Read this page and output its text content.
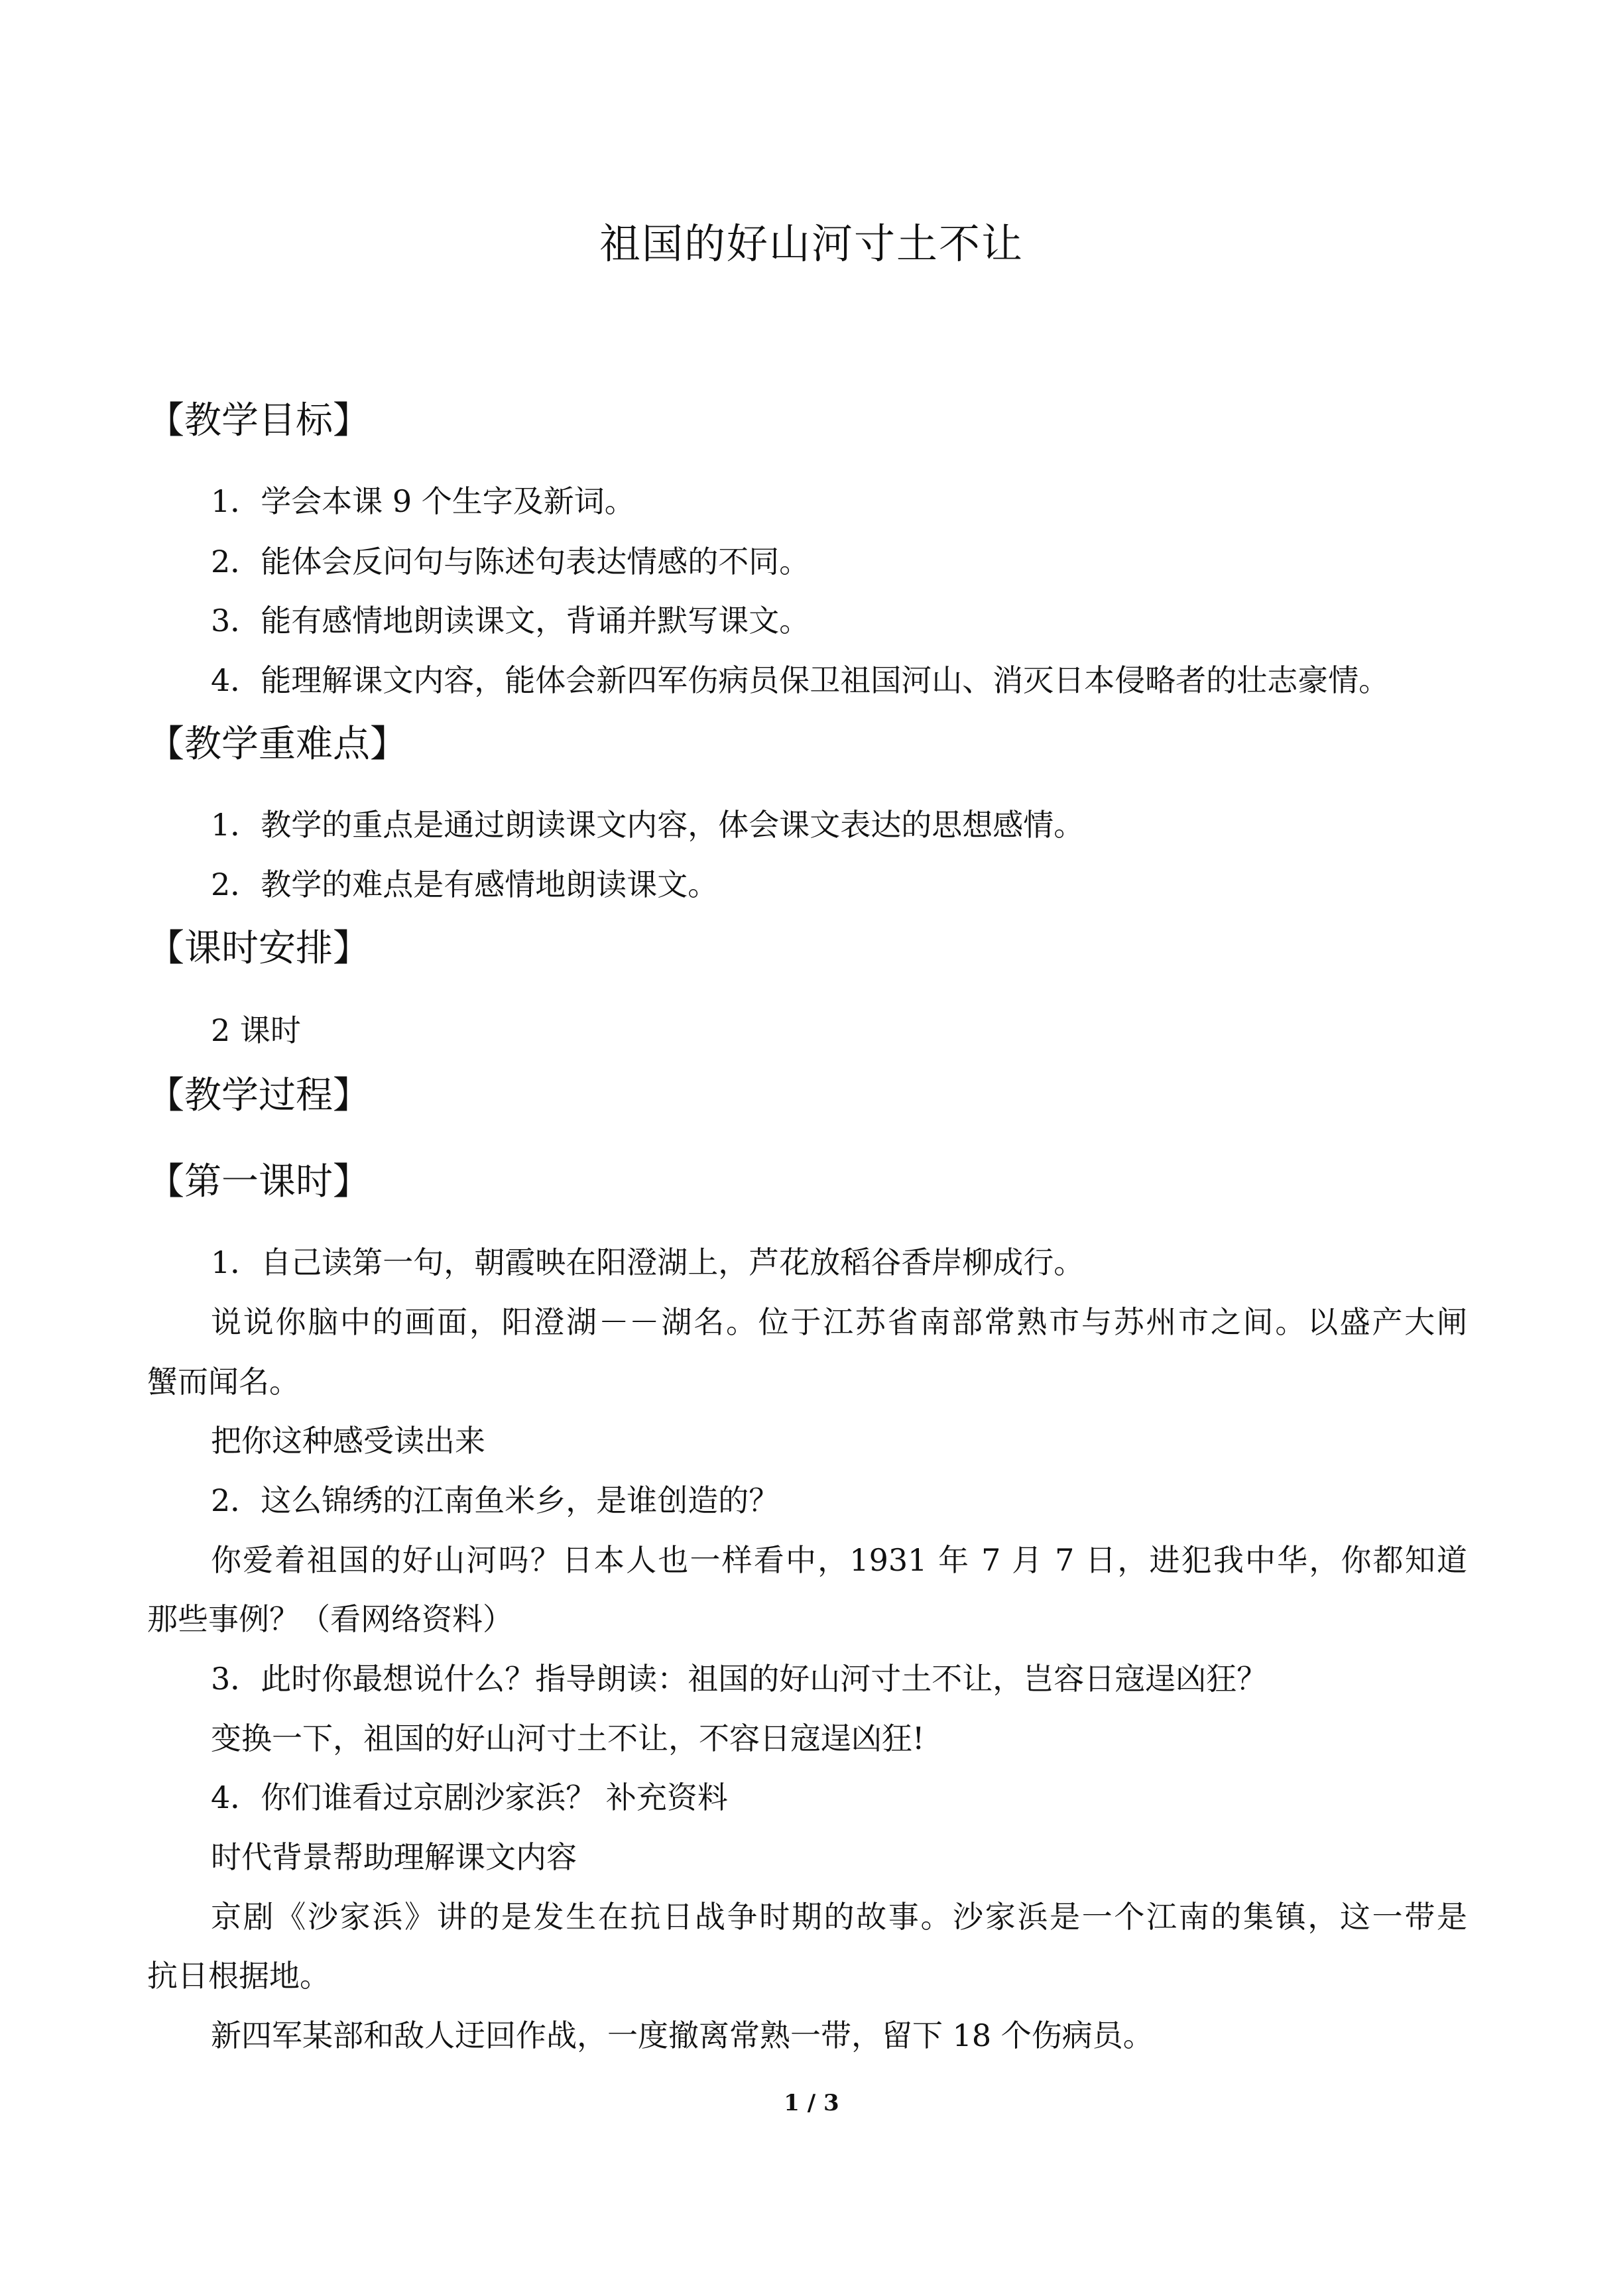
祖国的好山河寸土不让
【教学目标】
1．学会本课 9 个生字及新词。
2．能体会反问句与陈述句表达情感的不同。
3．能有感情地朗读课文，背诵并默写课文。
4．能理解课文内容，能体会新四军伤病员保卫祖国河山、消灭日本侵略者的壮志豪情。
【教学重难点】
1．教学的重点是通过朗读课文内容，体会课文表达的思想感情。
2．教学的难点是有感情地朗读课文。
【课时安排】
2 课时
【教学过程】
【第一课时】
1．自己读第一句，朝霞映在阳澄湖上，芦花放稻谷香岸柳成行。
说说你脑中的画面，阳澄湖－－湖名。位于江苏省南部常熟市与苏州市之间。以盛产大闸
蟹而闻名。
把你这种感受读出来
2．这么锦绣的江南鱼米乡，是谁创造的？
你爱着祖国的好山河吗？日本人也一样看中，1931 年 7 月 7 日，进犯我中华，你都知道
那些事例？（看网络资料）
3．此时你最想说什么？指导朗读：祖国的好山河寸土不让，岂容日寇逞凶狂？
变换一下，祖国的好山河寸土不让，不容日寇逞凶狂!
4．你们谁看过京剧沙家浜？ 补充资料
时代背景帮助理解课文内容
京剧《沙家浜》讲的是发生在抗日战争时期的故事。沙家浜是一个江南的集镇，这一带是
抗日根据地。
新四军某部和敌人迂回作战，一度撤离常熟一带，留下 18 个伤病员。
1 / 3
